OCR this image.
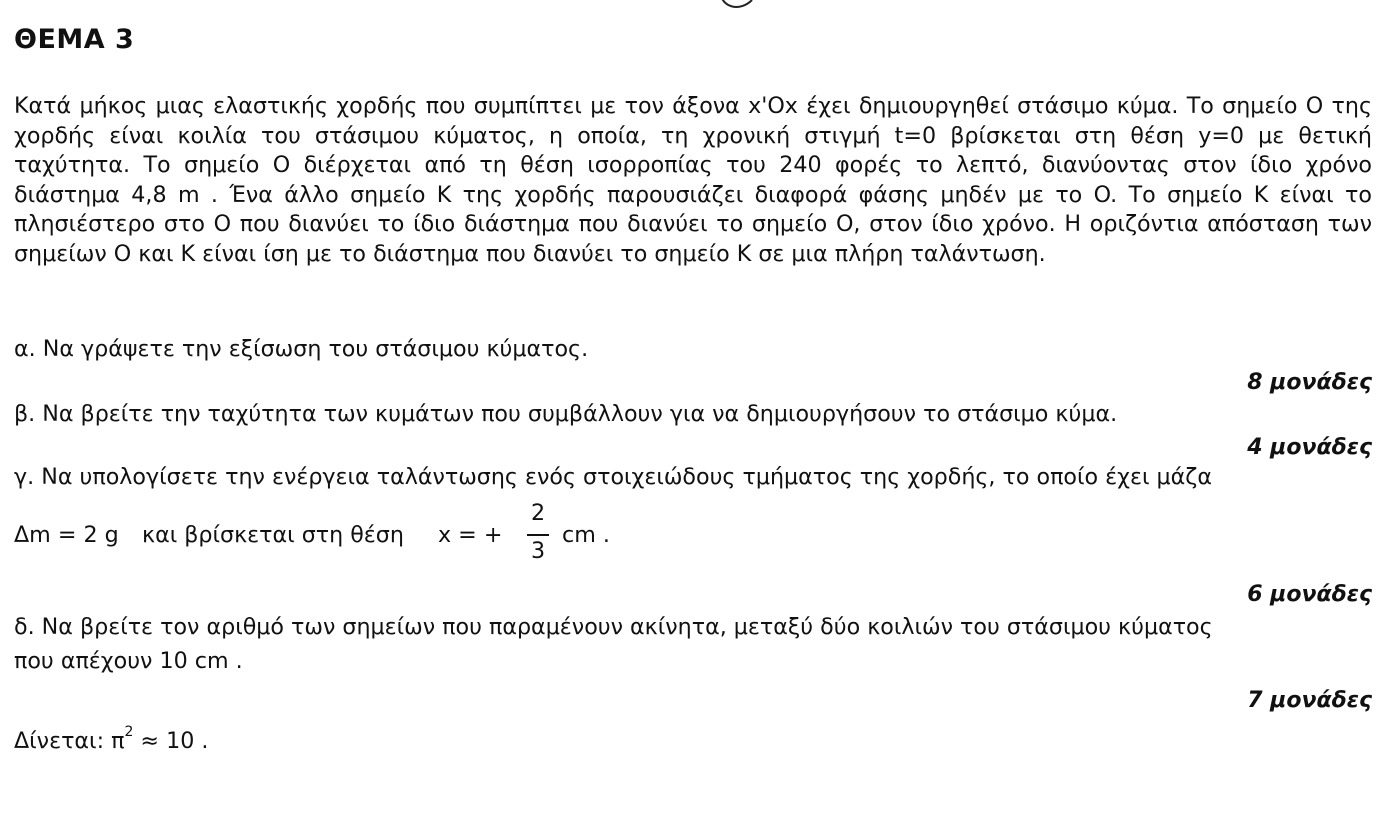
ΘΕΜΑ 3

Κατά μήκος μιας ελαστικής χορδής που συμπίπτει με τον άξονα x'Ox έχει δημιουργηθεί στάσιμο κύμα. Το σημείο O της χορδής είναι κοιλία του στάσιμου κύματος, η οποία, τη χρονική στιγμή t=0 βρίσκεται στη θέση y=0 με θετική ταχύτητα. Το σημείο O διέρχεται από τη θέση ισορροπίας του 240 φορές το λεπτό, διανύοντας στον ίδιο χρόνο διάστημα 4,8 m . Ένα άλλο σημείο K της χορδής παρουσιάζει διαφορά φάσης μηδέν με το O. Το σημείο K είναι το πλησιέστερο στο O που διανύει το ίδιο διάστημα που διανύει το σημείο O, στον ίδιο χρόνο. Η οριζόντια απόσταση των σημείων O και K είναι ίση με το διάστημα που διανύει το σημείο K σε μια πλήρη ταλάντωση.

α. Να γράψετε την εξίσωση του στάσιμου κύματος.

8 μονάδες

β. Να βρείτε την ταχύτητα των κυμάτων που συμβάλλουν για να δημιουργήσουν το στάσιμο κύμα.

4 μονάδες

γ. Να υπολογίσετε την ενέργεια ταλάντωσης ενός στοιχειώδους τμήματος της χορδής, το οποίο έχει μάζα

Δm = 2 g και βρίσκεται στη θέση x = +
2
3
cm .

6 μονάδες

δ. Να βρείτε τον αριθμό των σημείων που παραμένουν ακίνητα, μεταξύ δύο κοιλιών του στάσιμου κύματος

που απέχουν 10 cm .

7 μονάδες

Δίνεται: $\pi^2 \approx 10$ .
